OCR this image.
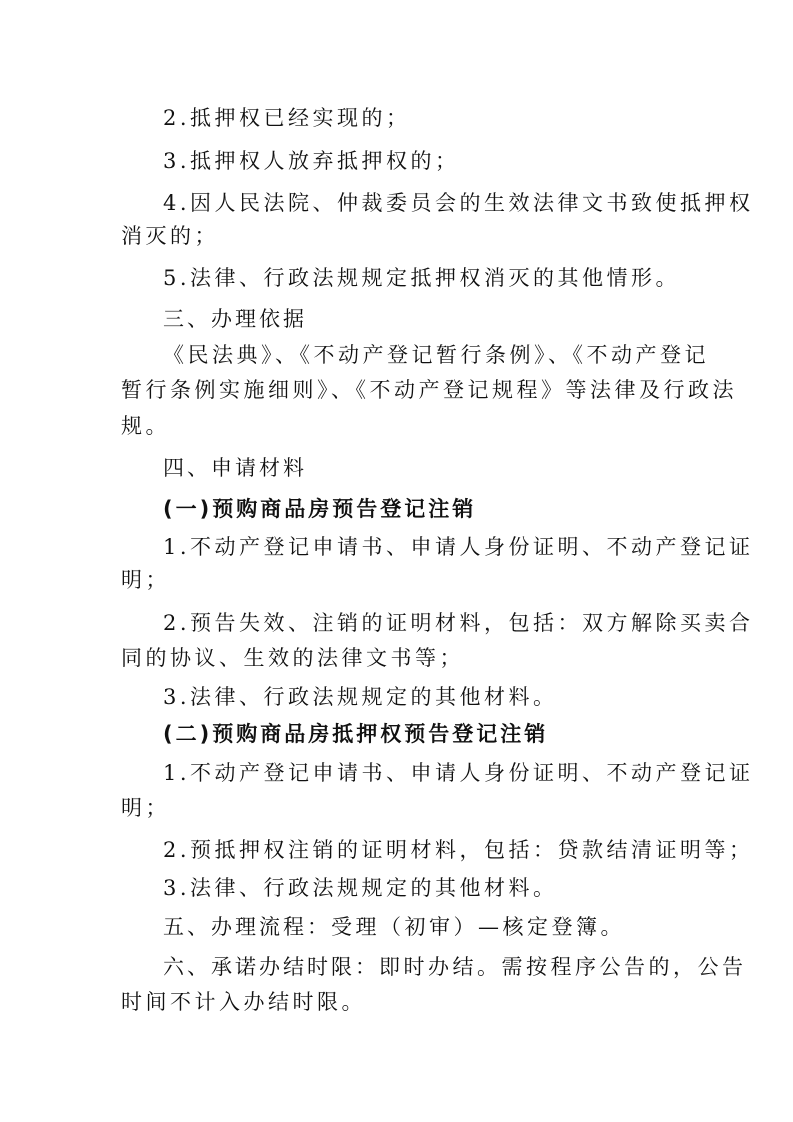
2.抵押权已经实现的；
3.抵押权人放弃抵押权的；
4.因人民法院、仲裁委员会的生效法律文书致使抵押权
消灭的；
5.法律、行政法规规定抵押权消灭的其他情形。
三、办理依据
《民法典》、《不动产登记暂行条例》、《不动产登记
暂行条例实施细则》、《不动产登记规程》等法律及行政法
规。
四、申请材料
(一)预购商品房预告登记注销
1.不动产登记申请书、申请人身份证明、不动产登记证
明；
2.预告失效、注销的证明材料，包括：双方解除买卖合
同的协议、生效的法律文书等；
3.法律、行政法规规定的其他材料。
(二)预购商品房抵押权预告登记注销
1.不动产登记申请书、申请人身份证明、不动产登记证
明；
2.预抵押权注销的证明材料，包括：贷款结清证明等；
3.法律、行政法规规定的其他材料。
五、办理流程：受理（初审）—核定登簿。
六、承诺办结时限：即时办结。需按程序公告的，公告
时间不计入办结时限。
